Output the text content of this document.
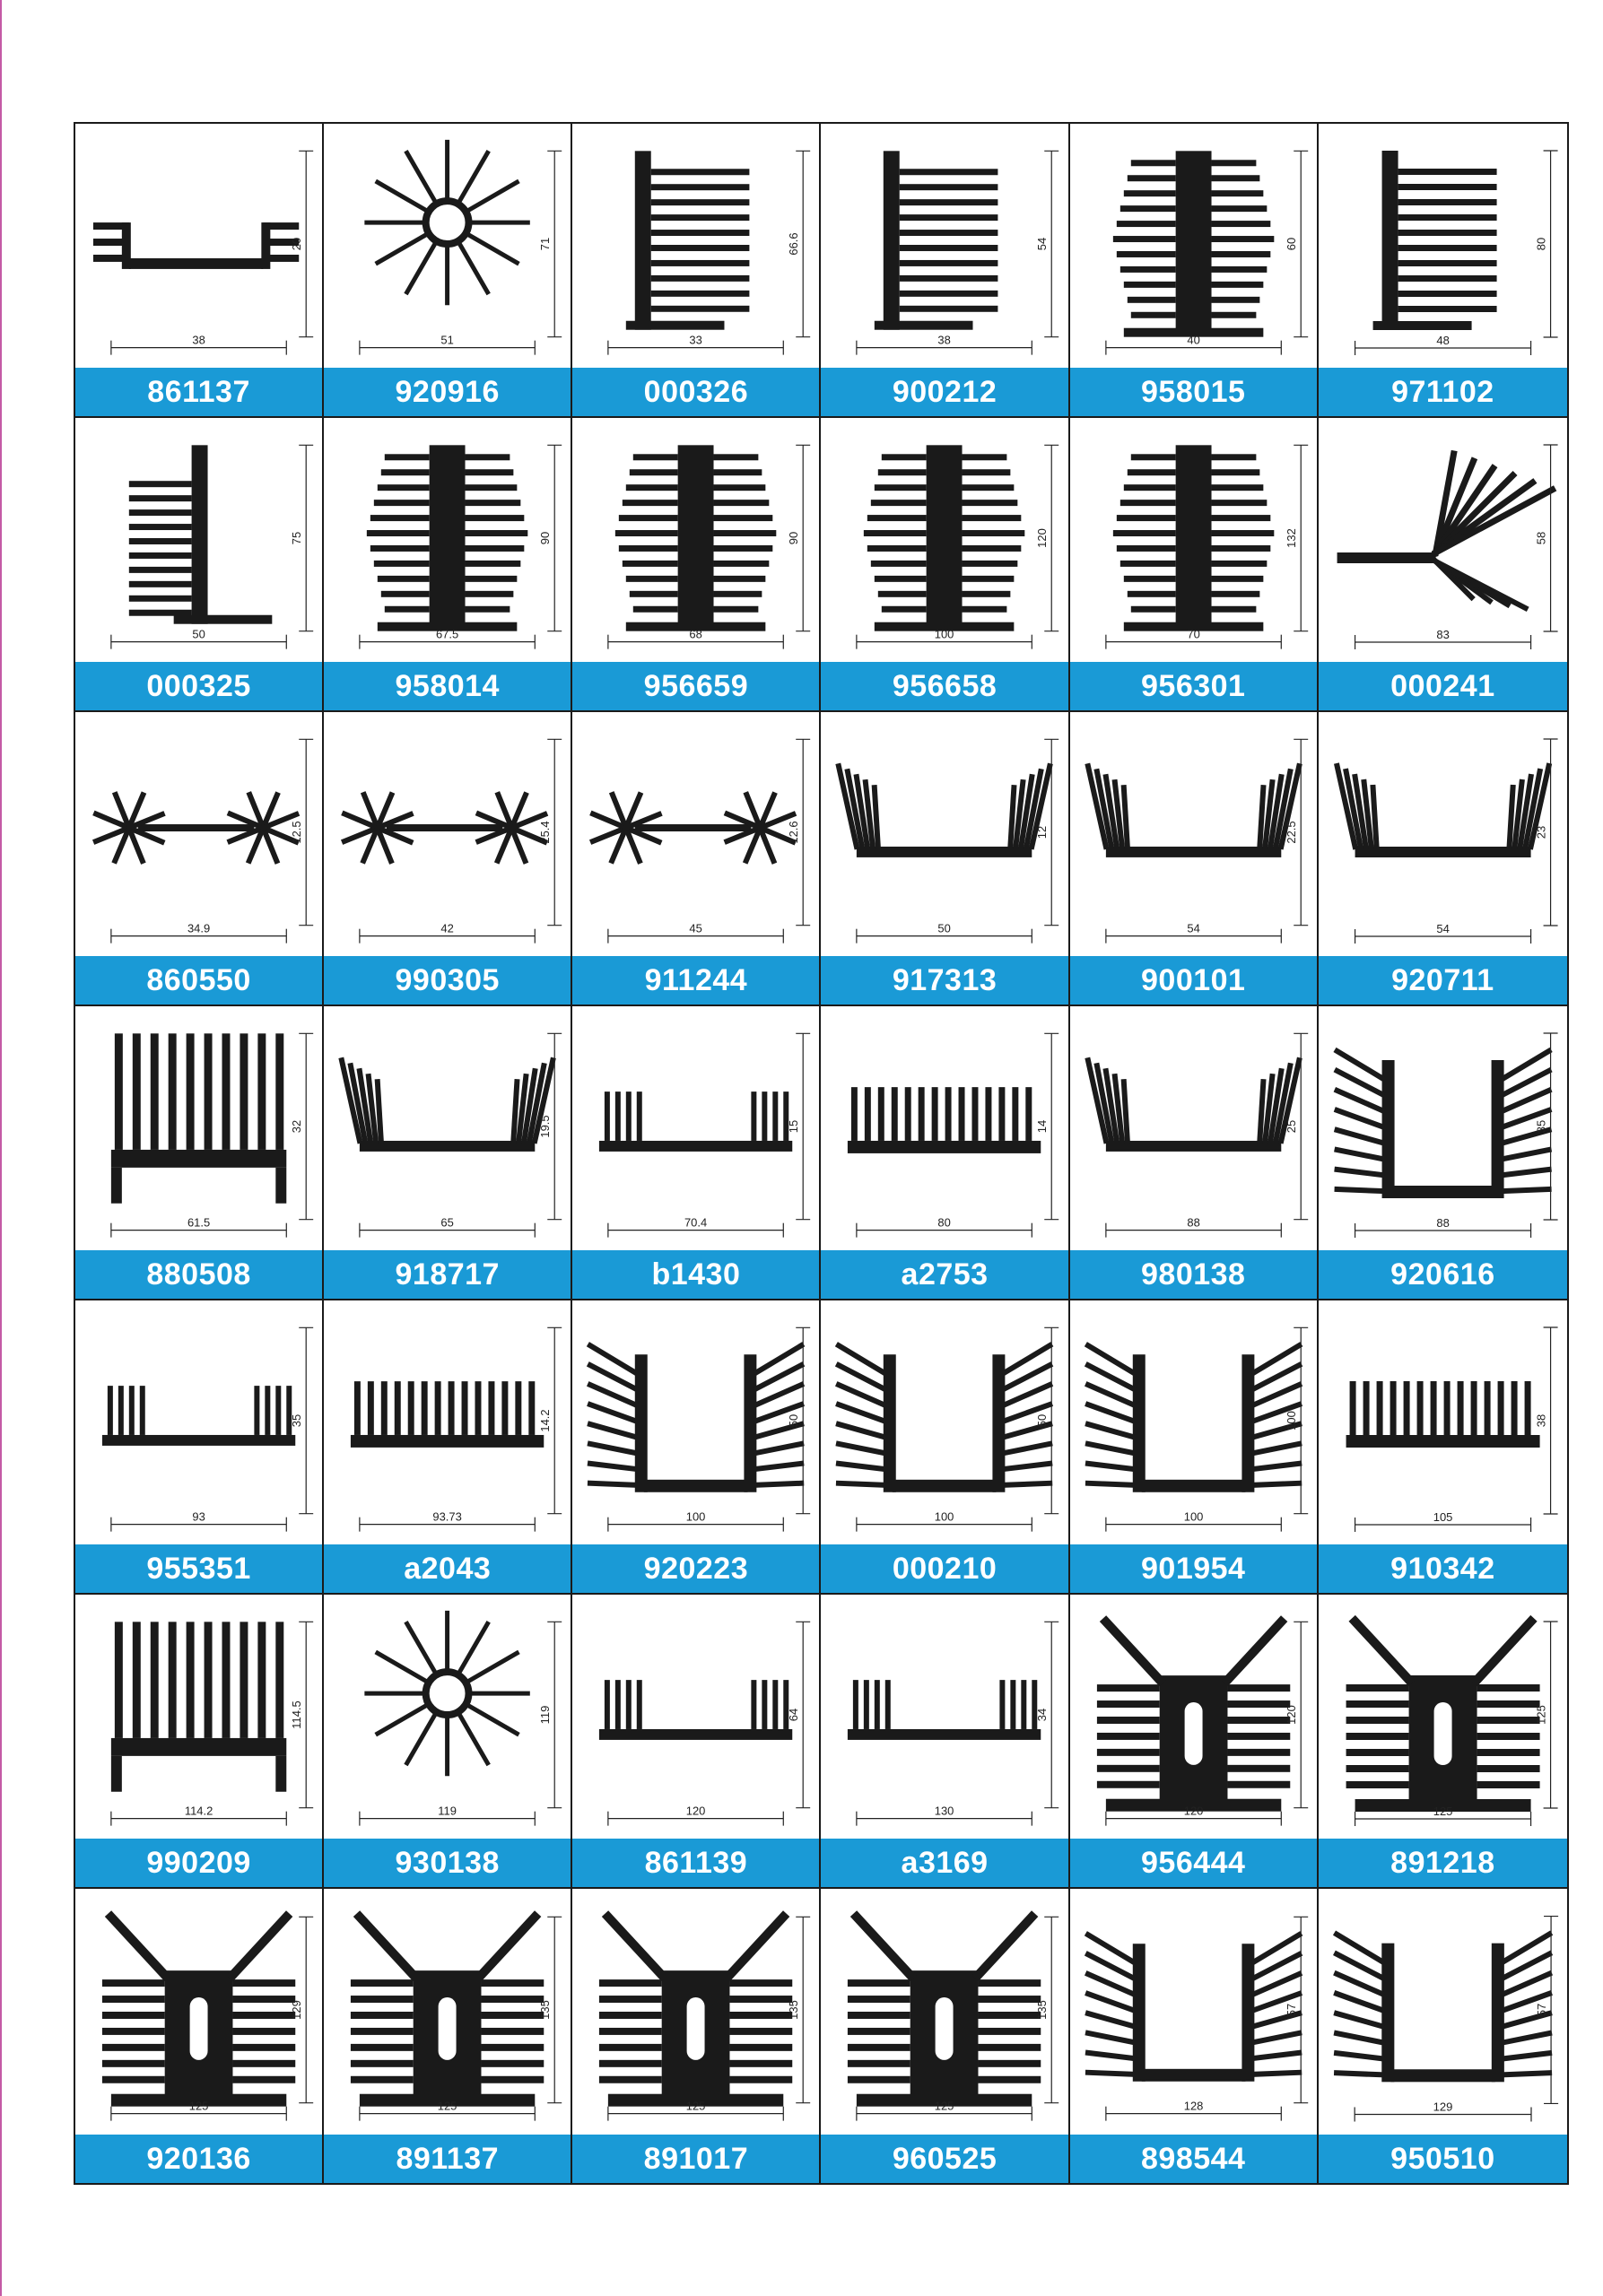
38
20
861137
51
71
920916
33
66.6
000326
38
54
900212
40
60
958015
48
80
971102
50
75
000325
67.5
90
958014
68
90
956659
100
120
956658
70
132
956301
83
58
000241
34.9
12.5
860550
42
25.4
990305
45
12.6
911244
50
12
917313
54
22.5
900101
54
23
920711
61.5
32
880508
65
19.5
918717
70.4
15
b1430
80
14
a2753
88
25
980138
88
35
920616
93
35
955351
93.73
14.2
a2043
100
50
920223
100
50
000210
100
100
901954
105
38
910342
114.2
114.5
990209
119
119
930138
120
64
861139
130
34
a3169
120
120
956444
125
125
891218
125
129
920136
125
135
891137
125
135
891017
125
135
960525
128
57
898544
129
57
950510
